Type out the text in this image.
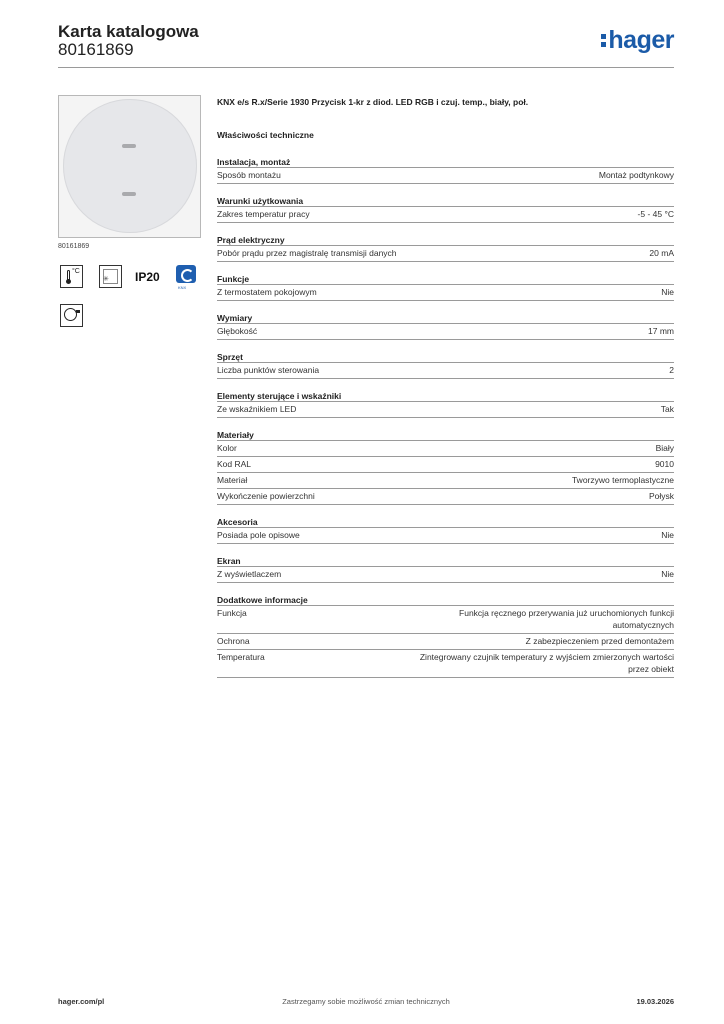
Karta katalogowa
80161869	hager
80161869
°C
✳ IP20
KNX
KNX e/s R.x/Serie 1930 Przycisk 1-kr z diod. LED RGB i czuj. temp., biały, poł.
Właściwości techniczne
Instalacja, montaż
Sposób montażu	Montaż podtynkowy
Warunki użytkowania
Zakres temperatur pracy	-5 - 45 °C
Prąd elektryczny
Pobór prądu przez magistralę transmisji danych	20 mA
Funkcje
Z termostatem pokojowym	Nie
Wymiary
Głębokość	17 mm
Sprzęt
Liczba punktów sterowania	2
Elementy sterujące i wskaźniki
Ze wskaźnikiem LED	Tak
Materiały
Kolor	Biały
Kod RAL	9010
Materiał	Tworzywo termoplastyczne
Wykończenie powierzchni	Połysk
Akcesoria
Posiada pole opisowe	Nie
Ekran
Z wyświetlaczem	Nie
Dodatkowe informacje
Funkcja	Funkcja ręcznego przerywania już uruchomionych funkcji automatycznych
Ochrona	Z zabezpieczeniem przed demontażem
Temperatura	Zintegrowany czujnik temperatury z wyjściem zmierzonych wartości przez obiekt
hager.com/pl	Zastrzegamy sobie możliwość zmian technicznych	19.03.2026
